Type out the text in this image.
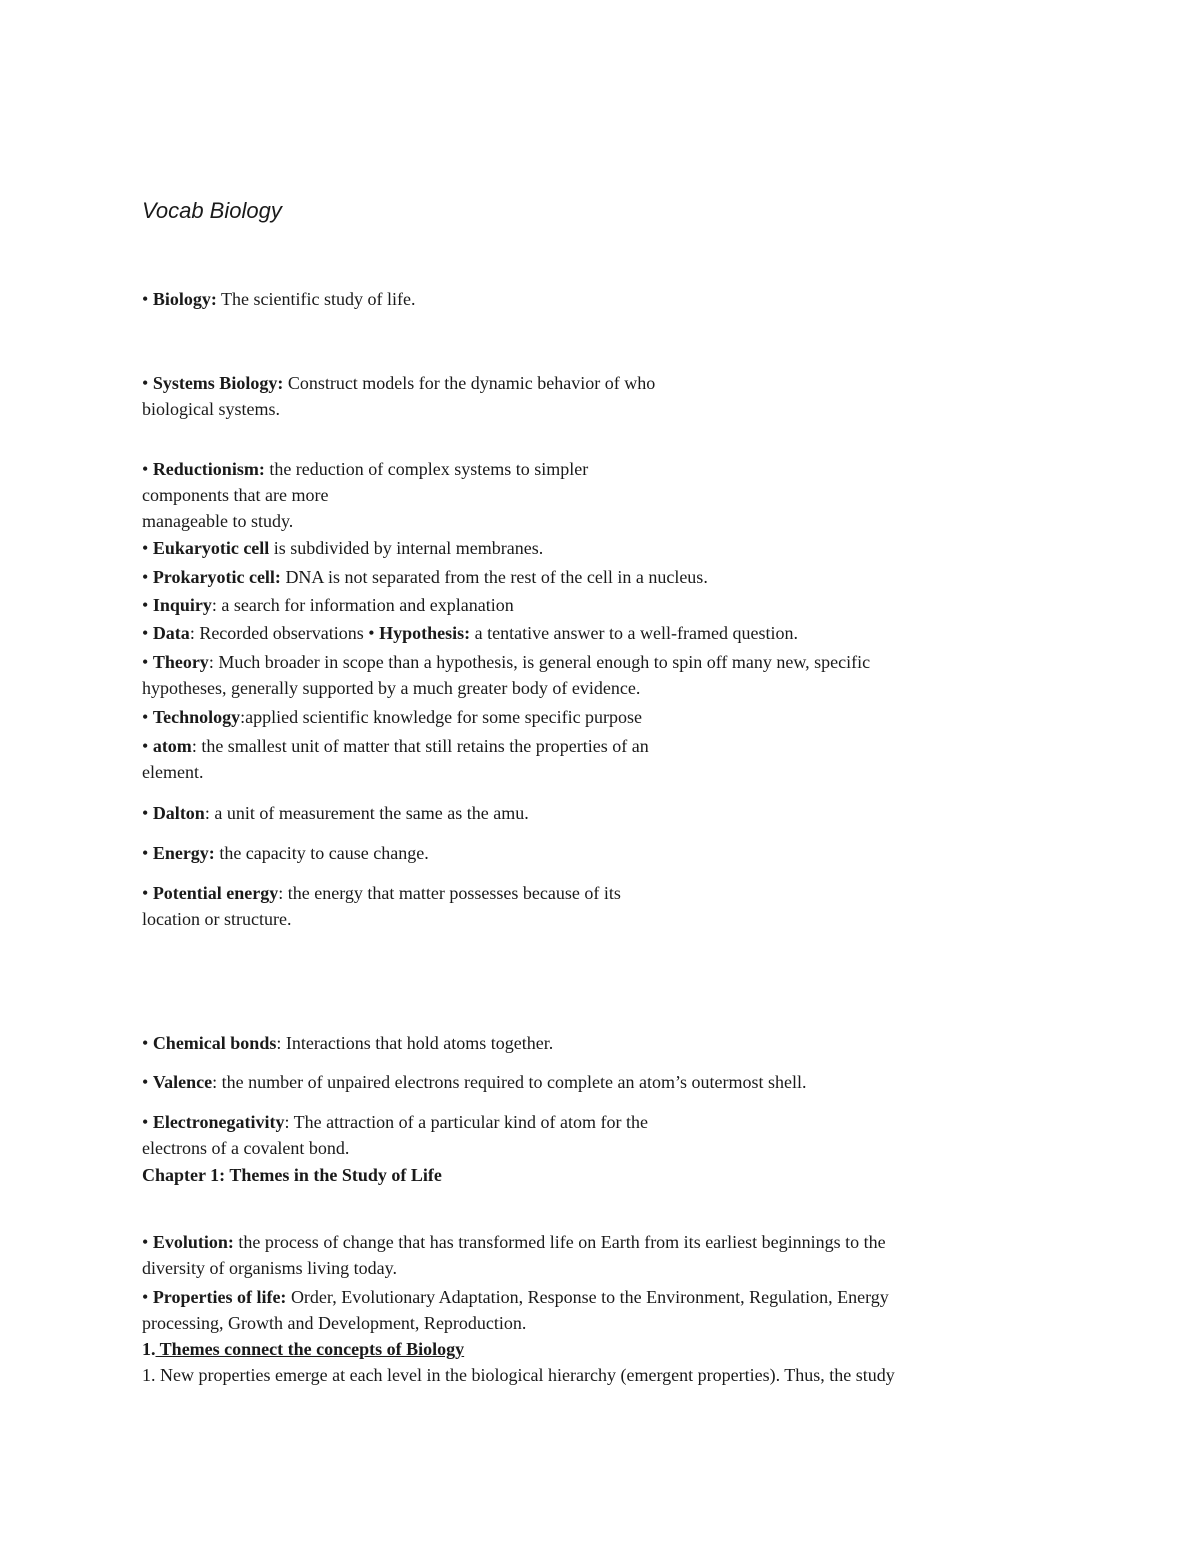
Vocab Biology
• Biology: The scientific study of life.
• Systems Biology: Construct models for the dynamic behavior of who
biological systems.
• Reductionism: the reduction of complex systems to simpler
components that are more
manageable to study.
• Eukaryotic cell is subdivided by internal membranes.
• Prokaryotic cell: DNA is not separated from the rest of the cell in a nucleus.
• Inquiry: a search for information and explanation
• Data: Recorded observations • Hypothesis: a tentative answer to a well-framed question.
• Theory: Much broader in scope than a hypothesis, is general enough to spin off many new, specific
hypotheses, generally supported by a much greater body of evidence.
• Technology:applied scientific knowledge for some specific purpose
• atom: the smallest unit of matter that still retains the properties of an
element.
• Dalton: a unit of measurement the same as the amu.
• Energy: the capacity to cause change.
• Potential energy: the energy that matter possesses because of its
location or structure.
• Chemical bonds: Interactions that hold atoms together.
• Valence: the number of unpaired electrons required to complete an atom’s outermost shell.
• Electronegativity: The attraction of a particular kind of atom for the
electrons of a covalent bond.
Chapter 1: Themes in the Study of Life
• Evolution: the process of change that has transformed life on Earth from its earliest beginnings to the
diversity of organisms living today.
• Properties of life: Order, Evolutionary Adaptation, Response to the Environment, Regulation, Energy
processing, Growth and Development, Reproduction.
1. Themes connect the concepts of Biology
1. New properties emerge at each level in the biological hierarchy (emergent properties). Thus, the study
